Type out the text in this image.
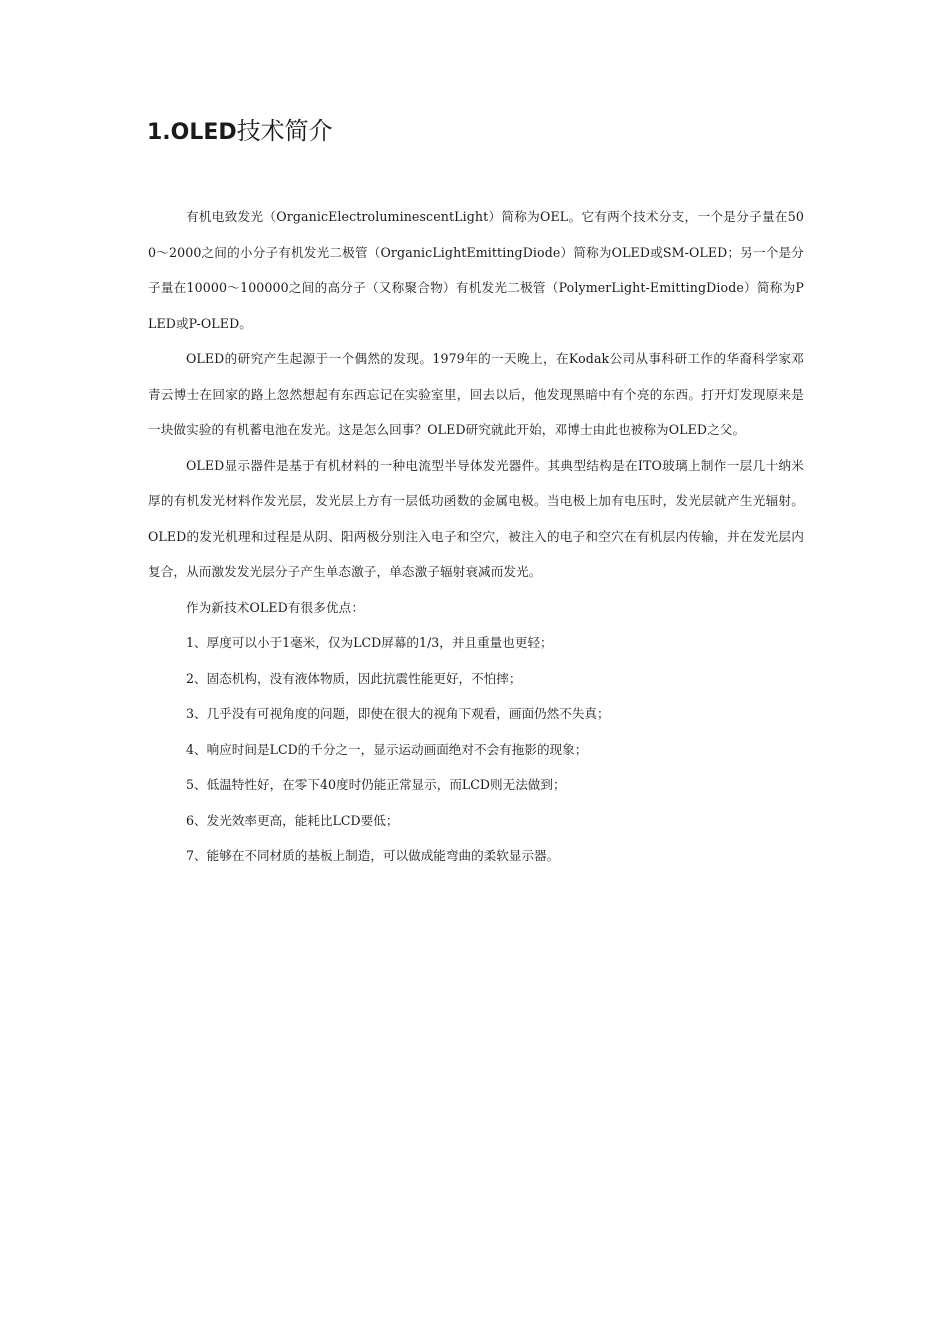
1.OLED技术简介

有机电致发光（OrganicElectroluminescentLight）简称为OEL。它有两个技术分支，一个是分子量在500～2000之间的小分子有机发光二极管（OrganicLightEmittingDiode）简称为OLED或SM-OLED；另一个是分子量在10000～100000之间的高分子（又称聚合物）有机发光二极管（PolymerLight-EmittingDiode）简称为PLED或P-OLED。

OLED的研究产生起源于一个偶然的发现。1979年的一天晚上，在Kodak公司从事科研工作的华裔科学家邓青云博士在回家的路上忽然想起有东西忘记在实验室里，回去以后，他发现黑暗中有个亮的东西。打开灯发现原来是一块做实验的有机蓄电池在发光。这是怎么回事？OLED研究就此开始，邓博士由此也被称为OLED之父。

OLED显示器件是基于有机材料的一种电流型半导体发光器件。其典型结构是在ITO玻璃上制作一层几十纳米厚的有机发光材料作发光层，发光层上方有一层低功函数的金属电极。当电极上加有电压时，发光层就产生光辐射。OLED的发光机理和过程是从阴、阳两极分别注入电子和空穴，被注入的电子和空穴在有机层内传输，并在发光层内复合，从而激发发光层分子产生单态激子，单态激子辐射衰减而发光。

作为新技术OLED有很多优点：

1、厚度可以小于1毫米，仅为LCD屏幕的1/3，并且重量也更轻；

2、固态机构，没有液体物质，因此抗震性能更好，不怕摔；

3、几乎没有可视角度的问题，即使在很大的视角下观看，画面仍然不失真；

4、响应时间是LCD的千分之一，显示运动画面绝对不会有拖影的现象；

5、低温特性好，在零下40度时仍能正常显示，而LCD则无法做到；

6、发光效率更高，能耗比LCD要低；

7、能够在不同材质的基板上制造，可以做成能弯曲的柔软显示器。
